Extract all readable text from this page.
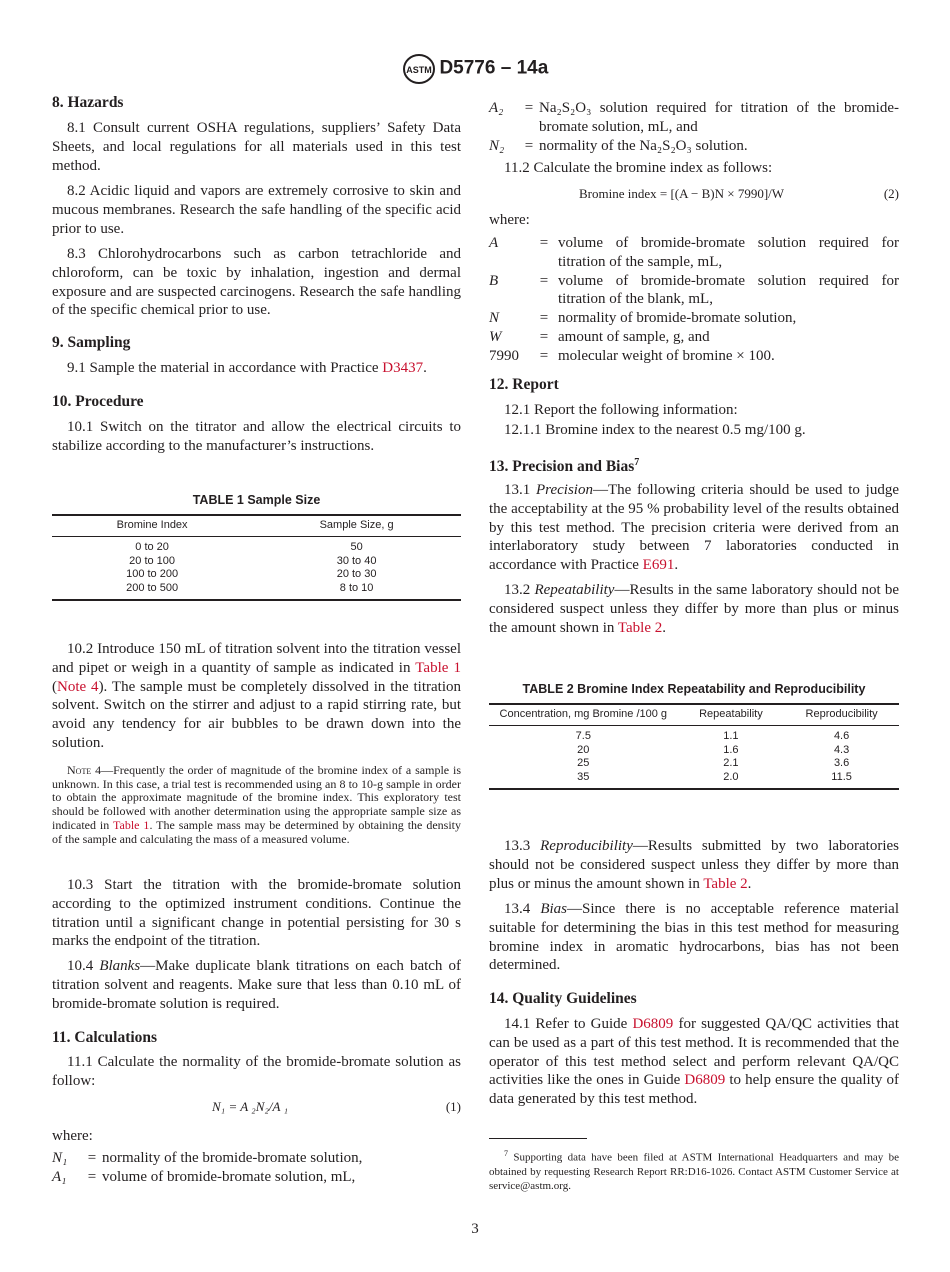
ASTM D5776 – 14a
8. Hazards
8.1 Consult current OSHA regulations, suppliers’ Safety Data Sheets, and local regulations for all materials used in this test method.
8.2 Acidic liquid and vapors are extremely corrosive to skin and mucous membranes. Research the safe handling of the specific acid prior to use.
8.3 Chlorohydrocarbons such as carbon tetrachloride and chloroform, can be toxic by inhalation, ingestion and dermal exposure and are suspected carcinogens. Research the safe handling of the specific chemical prior to use.
9. Sampling
9.1 Sample the material in accordance with Practice D3437.
10. Procedure
10.1 Switch on the titrator and allow the electrical circuits to stabilize according to the manufacturer’s instructions.
TABLE 1 Sample Size
Bromine Index	Sample Size, g
0 to 20	50
20 to 100	30 to 40
100 to 200	20 to 30
200 to 500	8 to 10
10.2 Introduce 150 mL of titration solvent into the titration vessel and pipet or weigh in a quantity of sample as indicated in Table 1 (Note 4). The sample must be completely dissolved in the titration solvent. Switch on the stirrer and adjust to a rapid stirring rate, but avoid any tendency for air bubbles to be drawn down into the solution.
Note 4—Frequently the order of magnitude of the bromine index of a sample is unknown. In this case, a trial test is recommended using an 8 to 10-g sample in order to obtain the approximate magnitude of the bromine index. This exploratory test should be followed with another determination using the appropriate sample size as indicated in Table 1. The sample mass may be determined by obtaining the density of the sample and calculating the mass of a measured volume.
10.3 Start the titration with the bromide-bromate solution according to the optimized instrument conditions. Continue the titration until a significant change in potential persisting for 30 s marks the endpoint of the titration.
10.4 Blanks—Make duplicate blank titrations on each batch of titration solvent and reagents. Make sure that less than 0.10 mL of bromide-bromate solution is required.
11. Calculations
11.1 Calculate the normality of the bromide-bromate solution as follow:
N₁ = A ₂N₂/A ₁	(1)
where:
N₁	= normality of the bromide-bromate solution,
A₁	= volume of bromide-bromate solution, mL,
A₂	= Na₂S₂O₃ solution required for titration of the bromide-bromate solution, mL, and
N₂	= normality of the Na₂S₂O₃ solution.
11.2 Calculate the bromine index as follows:
Bromine index = [(A − B)N × 7990]/W	(2)
where:
A	= volume of bromide-bromate solution required for titration of the sample, mL,
B	= volume of bromide-bromate solution required for titration of the blank, mL,
N	= normality of bromide-bromate solution,
W	= amount of sample, g, and
7990	= molecular weight of bromine × 100.
12. Report
12.1 Report the following information:
12.1.1 Bromine index to the nearest 0.5 mg/100 g.
13. Precision and Bias$^7$
13.1 Precision—The following criteria should be used to judge the acceptability at the 95 % probability level of the results obtained by this test method. The precision criteria were derived from an interlaboratory study between 7 laboratories conducted in accordance with Practice E691.
13.2 Repeatability—Results in the same laboratory should not be considered suspect unless they differ by more than plus or minus the amount shown in Table 2.
TABLE 2 Bromine Index Repeatability and Reproducibility
Concentration, mg Bromine /100 g	Repeatability	Reproducibility
7.5	1.1	4.6
20	1.6	4.3
25	2.1	3.6
35	2.0	11.5
13.3 Reproducibility—Results submitted by two laboratories should not be considered suspect unless they differ by more than plus or minus the amount shown in Table 2.
13.4 Bias—Since there is no acceptable reference material suitable for determining the bias in this test method for measuring bromine index in aromatic hydrocarbons, bias has not been determined.
14. Quality Guidelines
14.1 Refer to Guide D6809 for suggested QA/QC activities that can be used as a part of this test method. It is recommended that the operator of this test method select and perform relevant QA/QC activities like the ones in Guide D6809 to help ensure the quality of data generated by this test method.
$^7$ Supporting data have been filed at ASTM International Headquarters and may be obtained by requesting Research Report RR:D16-1026. Contact ASTM Customer Service at service@astm.org.
3
